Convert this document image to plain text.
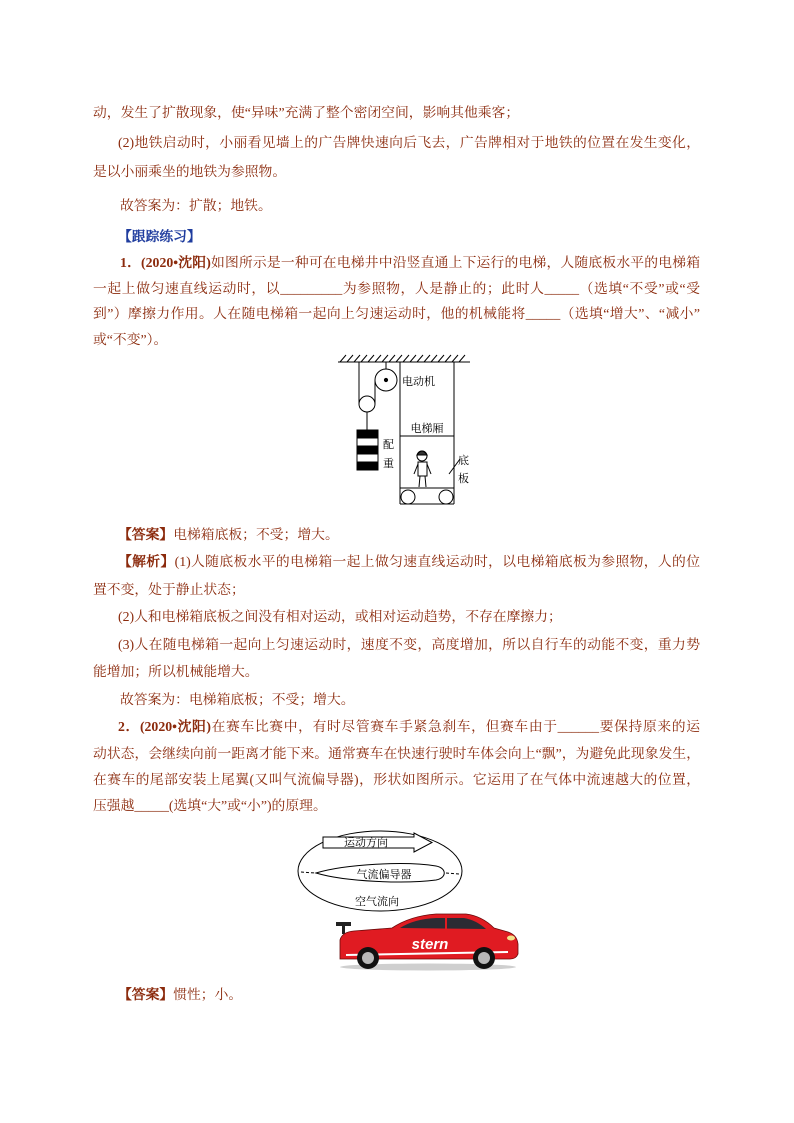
动，发生了扩散现象，使“异味”充满了整个密闭空间，影响其他乘客；
(2)地铁启动时，小丽看见墙上的广告牌快速向后飞去，广告牌相对于地铁的位置在发生变化，
是以小丽乘坐的地铁为参照物。
故答案为：扩散；地铁。
【跟踪练习】
1．(2020•沈阳)如图所示是一种可在电梯井中沿竖直通上下运行的电梯，人随底板水平的电梯箱
一起上做匀速直线运动时，以_________为参照物，人是静止的；此时人_____（选填“不受”或“受
到”）摩擦力作用。人在随电梯箱一起向上匀速运动时，他的机械能将_____（选填“增大”、“减小”
或“不变”）。
电动机
电梯厢
配
重	底
板
【答案】电梯箱底板；不受；增大。
【解析】(1)人随底板水平的电梯箱一起上做匀速直线运动时，以电梯箱底板为参照物，人的位
置不变，处于静止状态；
(2)人和电梯箱底板之间没有相对运动，或相对运动趋势，不存在摩擦力；
(3)人在随电梯箱一起向上匀速运动时，速度不变，高度增加，所以自行车的动能不变，重力势
能增加；所以机械能增大。
故答案为：电梯箱底板；不受；增大。
2．(2020•沈阳)在赛车比赛中，有时尽管赛车手紧急刹车，但赛车由于______要保持原来的运
动状态，会继续向前一距离才能下来。通常赛车在快速行驶时车体会向上“飘”，为避免此现象发生，
在赛车的尾部安装上尾翼(又叫气流偏导器)，形状如图所示。它运用了在气体中流速越大的位置，
压强越_____(选填“大”或“小”)的原理。
运动方向
气流偏导器
空气流向
stern
【答案】惯性；小。
